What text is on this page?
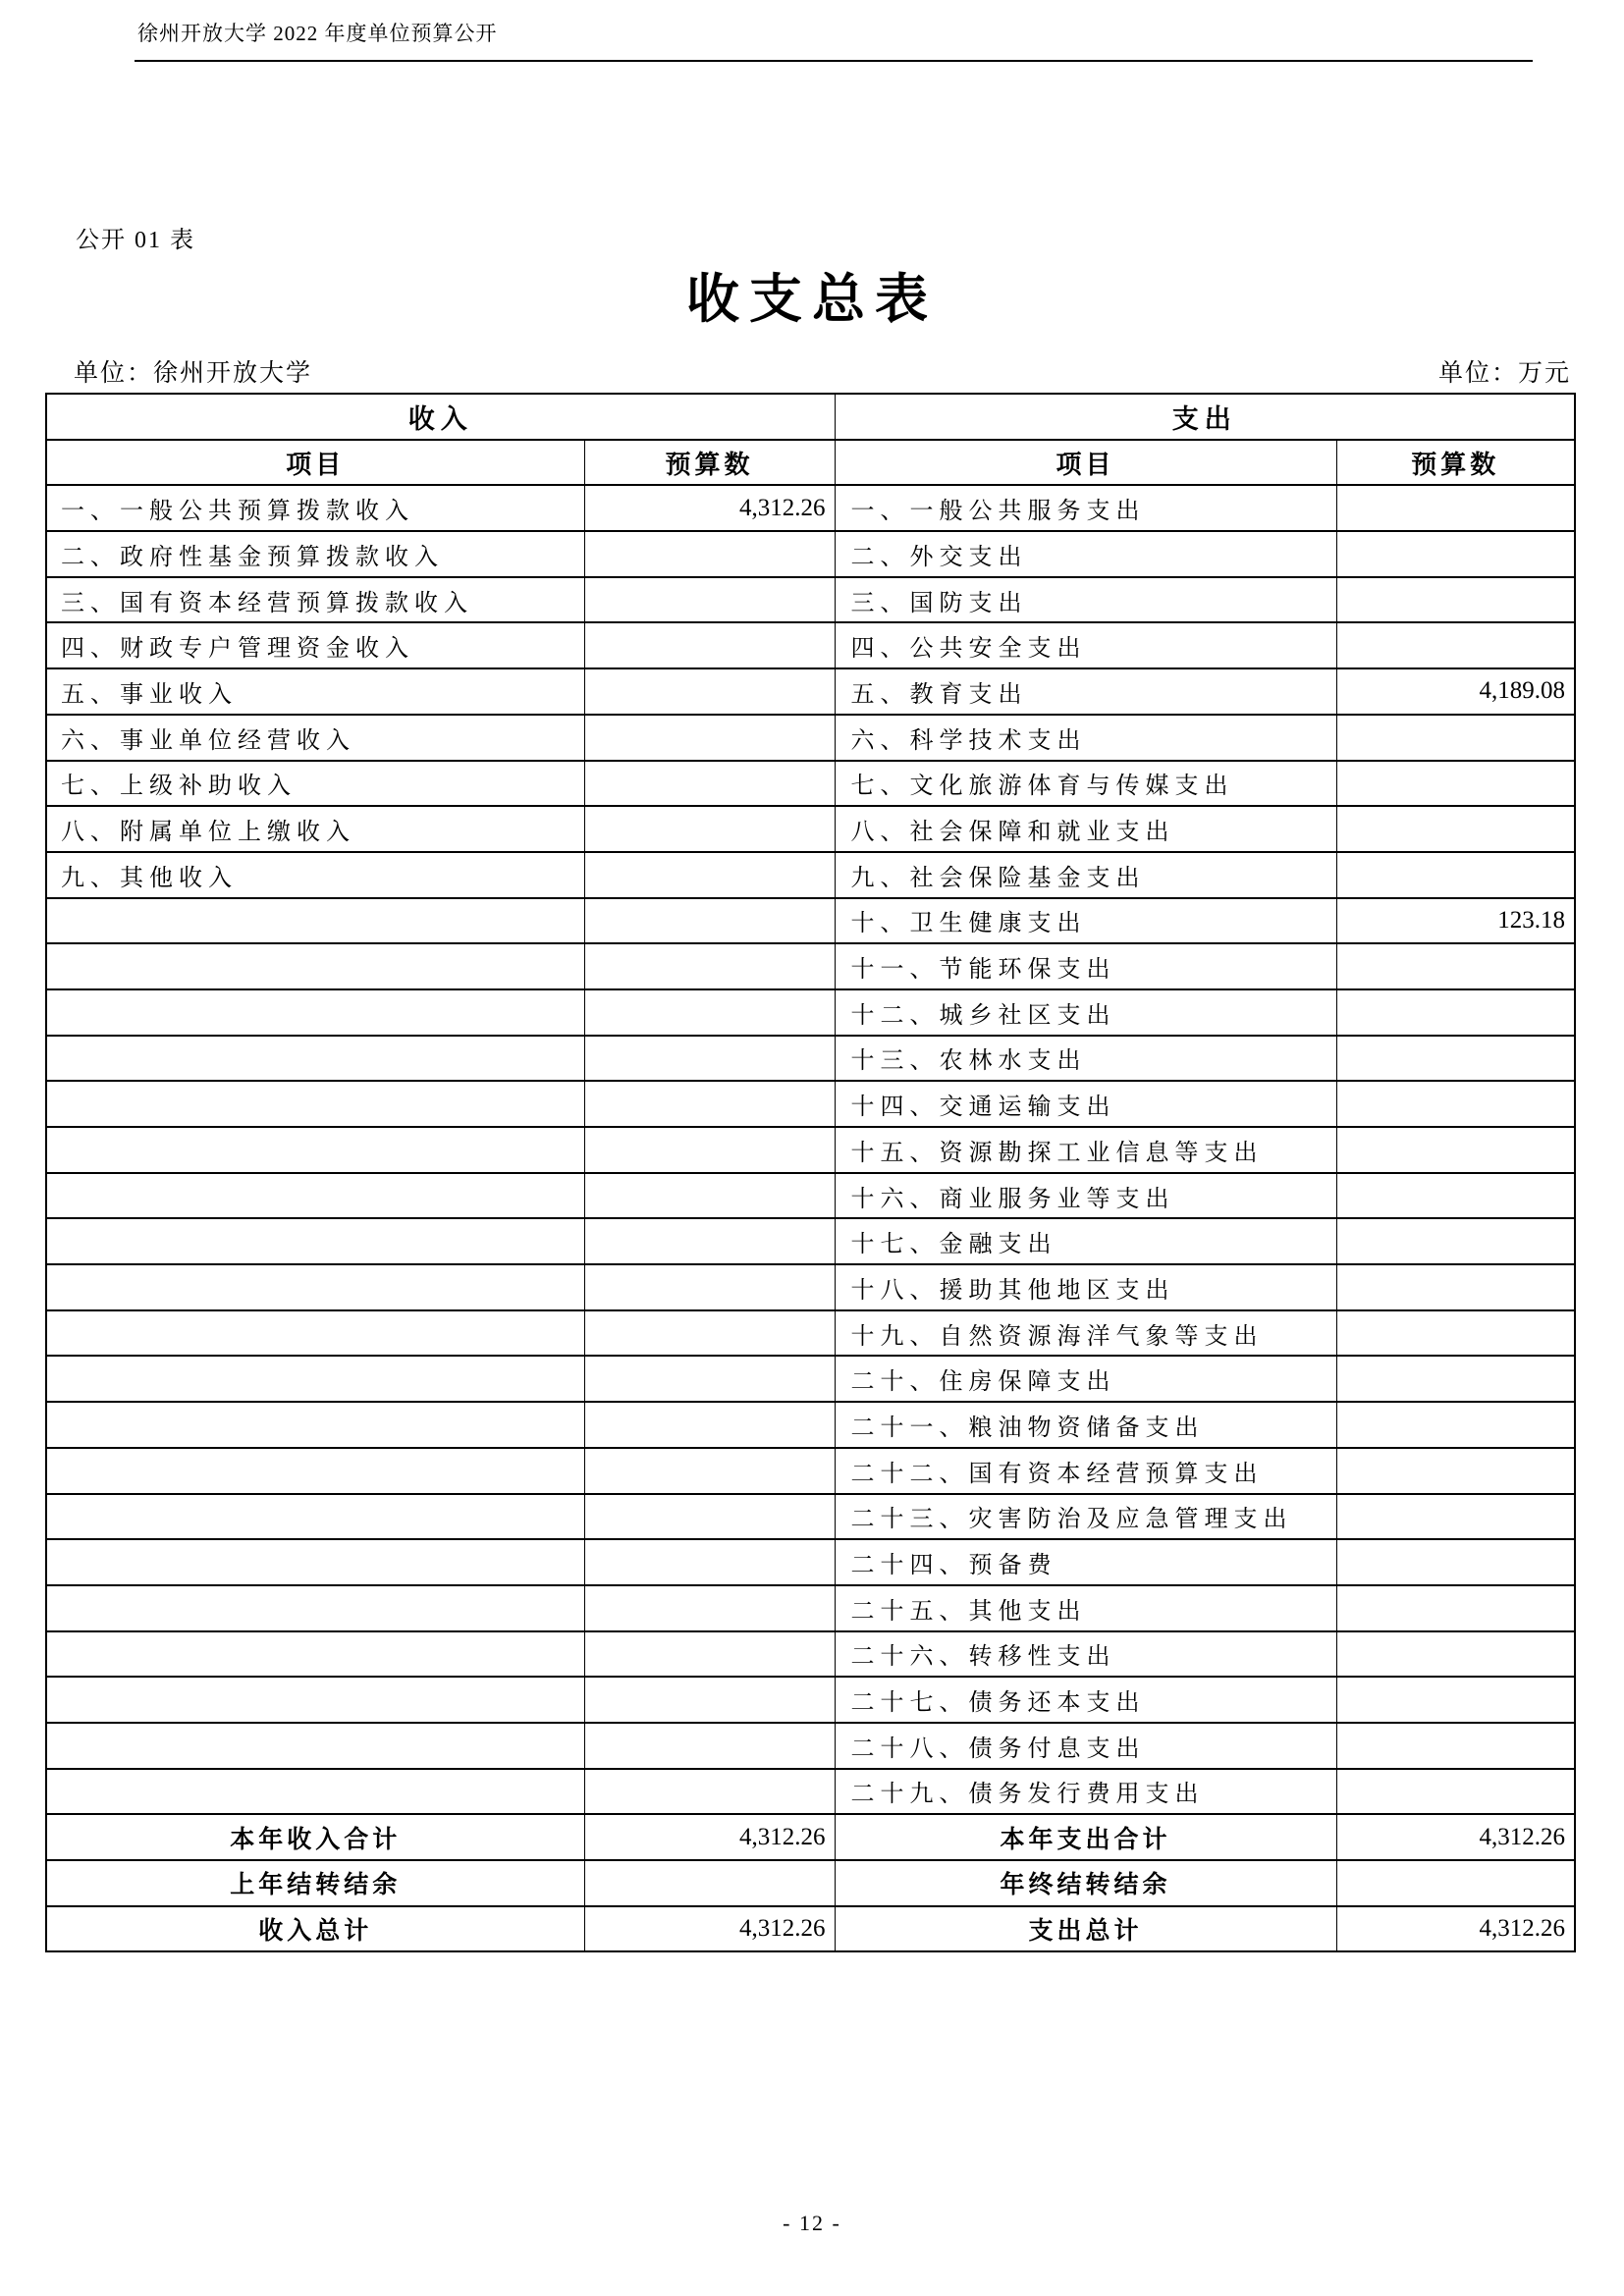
徐州开放大学 2022 年度单位预算公开
公开 01 表
收支总表
单位：徐州开放大学	单位：万元
收入		支出	
项目	预算数	项目	预算数
一、一般公共预算拨款收入	4,312.26	一、一般公共服务支出	
二、政府性基金预算拨款收入		二、外交支出	
三、国有资本经营预算拨款收入		三、国防支出	
四、财政专户管理资金收入		四、公共安全支出	
五、事业收入		五、教育支出	4,189.08
六、事业单位经营收入		六、科学技术支出	
七、上级补助收入		七、文化旅游体育与传媒支出	
八、附属单位上缴收入		八、社会保障和就业支出	
九、其他收入		九、社会保险基金支出	
		十、卫生健康支出	123.18
		十一、节能环保支出	
		十二、城乡社区支出	
		十三、农林水支出	
		十四、交通运输支出	
		十五、资源勘探工业信息等支出	
		十六、商业服务业等支出	
		十七、金融支出	
		十八、援助其他地区支出	
		十九、自然资源海洋气象等支出	
		二十、住房保障支出	
		二十一、粮油物资储备支出	
		二十二、国有资本经营预算支出	
		二十三、灾害防治及应急管理支出	
		二十四、预备费	
		二十五、其他支出	
		二十六、转移性支出	
		二十七、债务还本支出	
		二十八、债务付息支出	
		二十九、债务发行费用支出	
本年收入合计	4,312.26	本年支出合计	4,312.26
上年结转结余		年终结转结余	
收入总计	4,312.26	支出总计	4,312.26
- 12 -
